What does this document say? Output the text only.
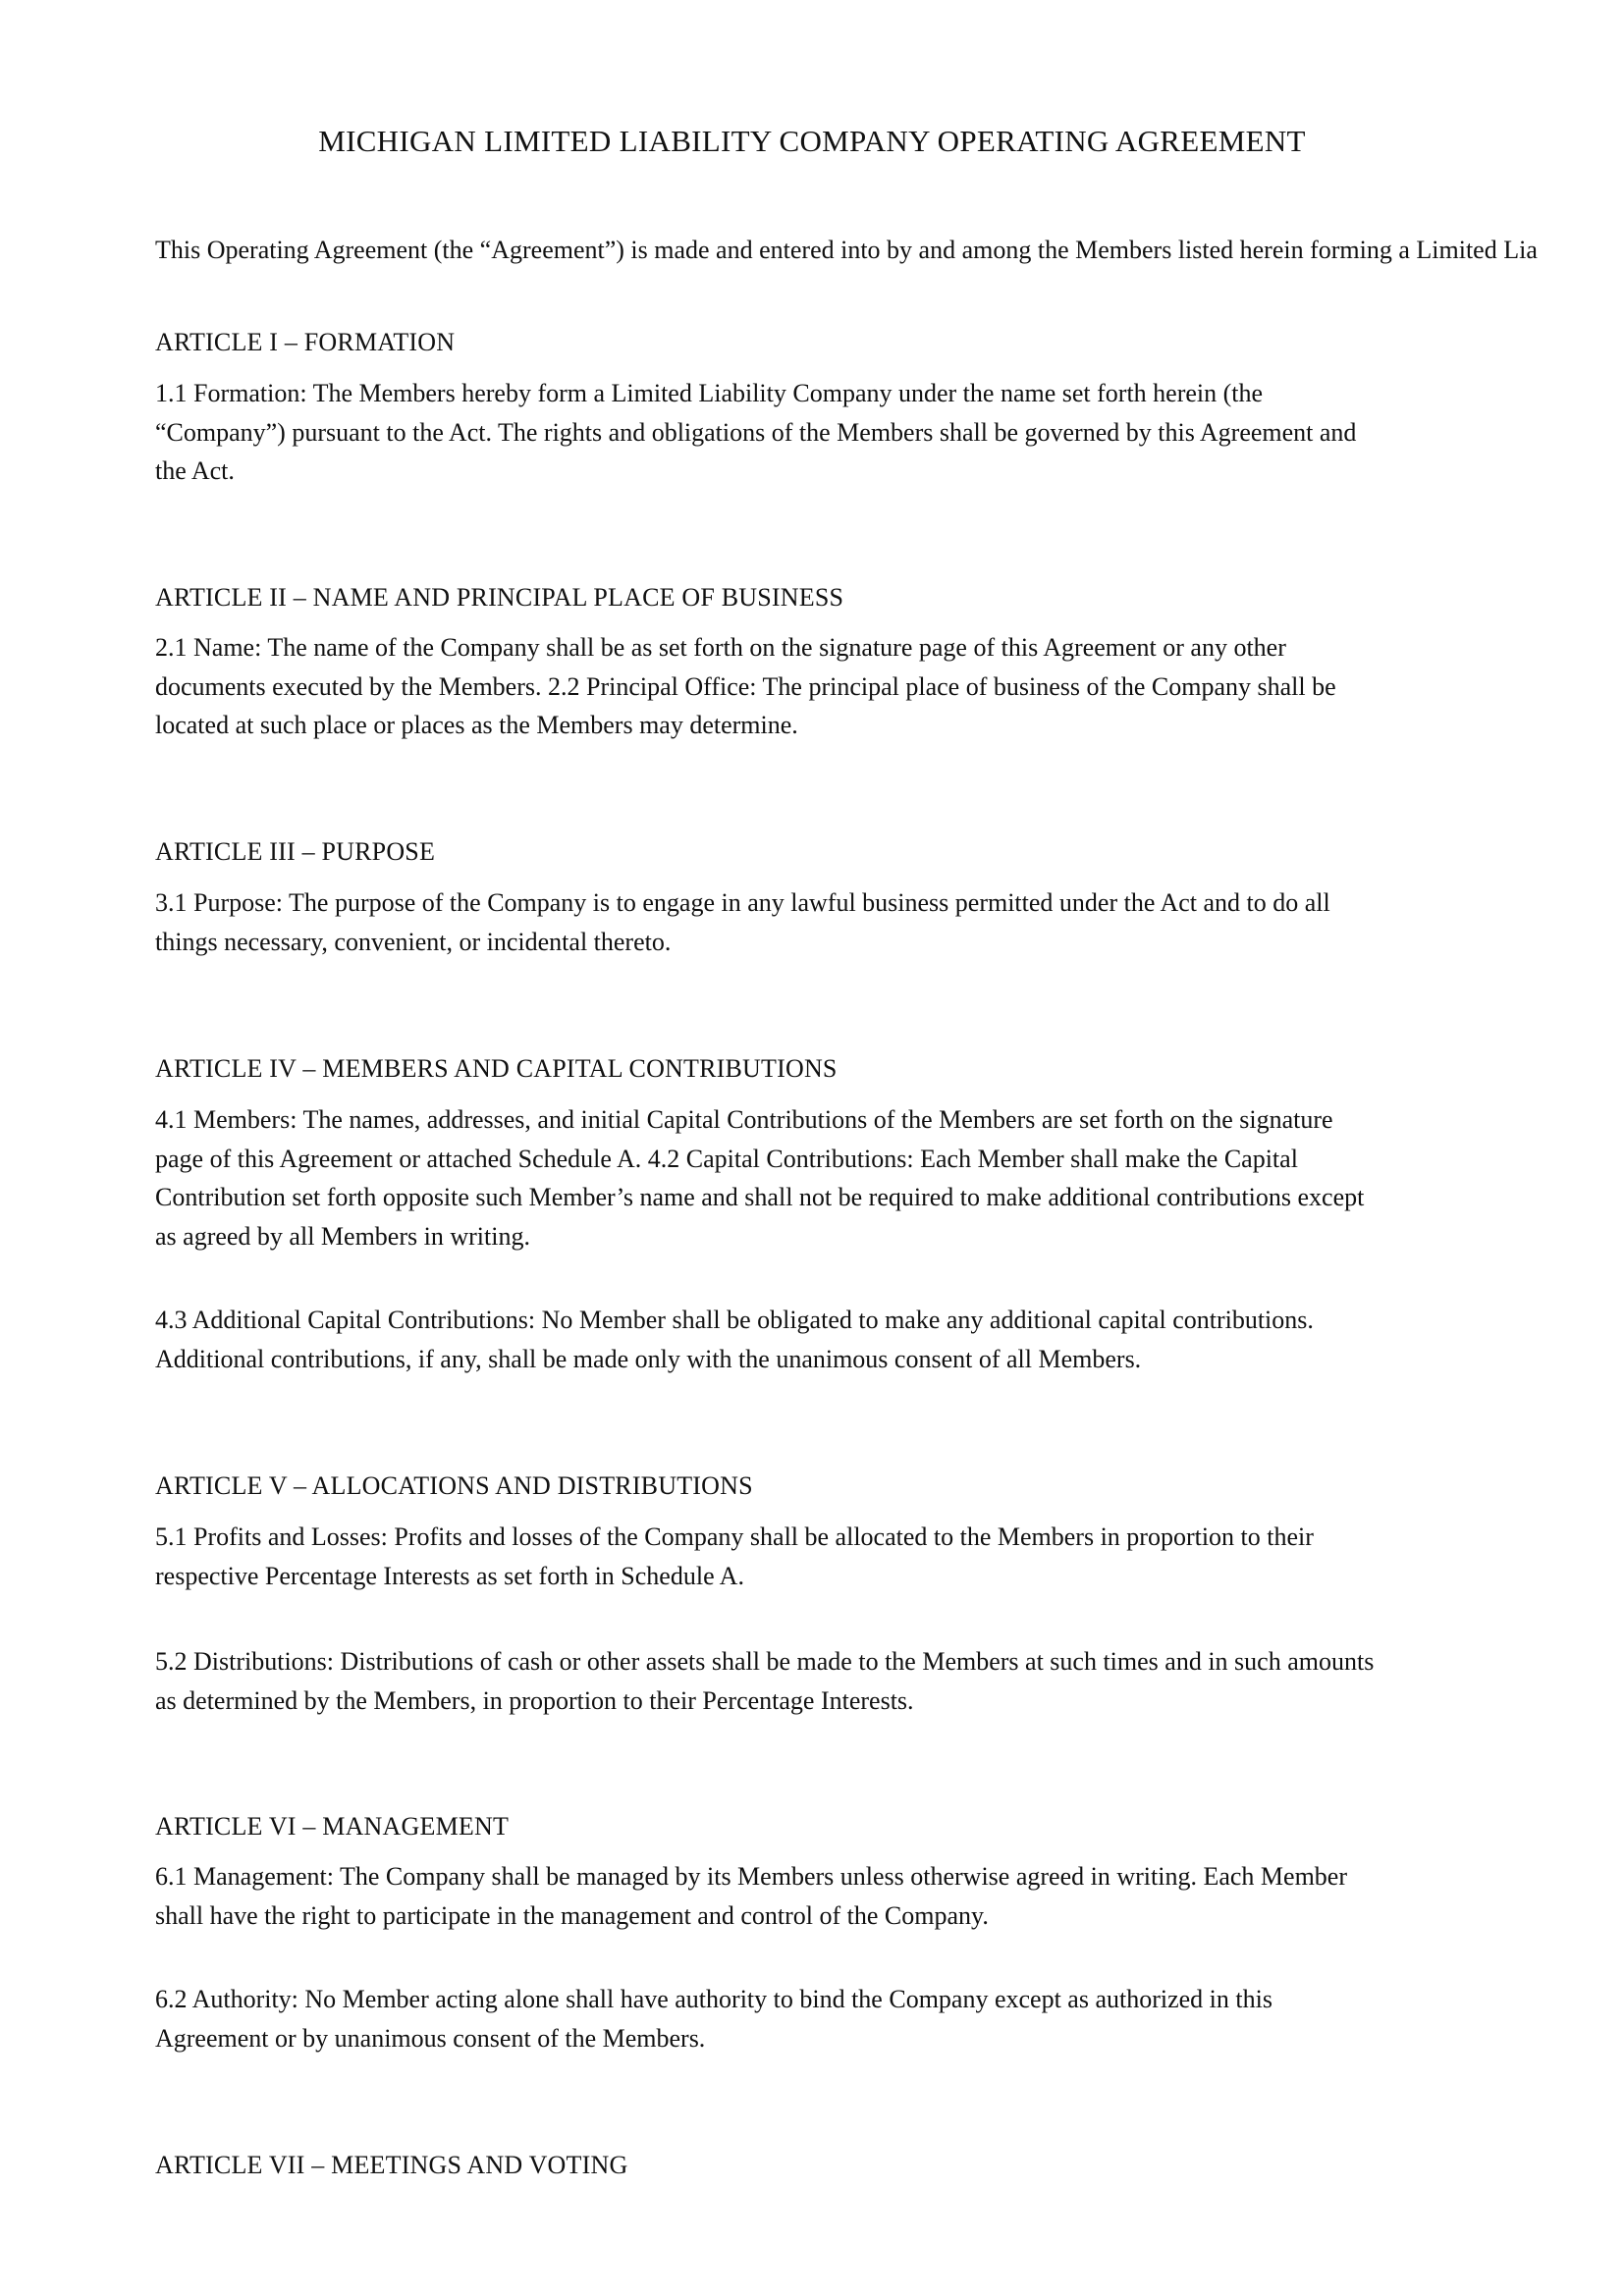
MICHIGAN LIMITED LIABILITY COMPANY OPERATING AGREEMENT
This Operating Agreement (the “Agreement”) is made and entered into by and among the Members listed herein forming a Limited Lia
ARTICLE I – FORMATION
1.1 Formation: The Members hereby form a Limited Liability Company under the name set forth herein (the
“Company”) pursuant to the Act. The rights and obligations of the Members shall be governed by this Agreement and
the Act.
ARTICLE II – NAME AND PRINCIPAL PLACE OF BUSINESS
2.1 Name: The name of the Company shall be as set forth on the signature page of this Agreement or any other
documents executed by the Members. 2.2 Principal Office: The principal place of business of the Company shall be
located at such place or places as the Members may determine.
ARTICLE III – PURPOSE
3.1 Purpose: The purpose of the Company is to engage in any lawful business permitted under the Act and to do all
things necessary, convenient, or incidental thereto.
ARTICLE IV – MEMBERS AND CAPITAL CONTRIBUTIONS
4.1 Members: The names, addresses, and initial Capital Contributions of the Members are set forth on the signature
page of this Agreement or attached Schedule A. 4.2 Capital Contributions: Each Member shall make the Capital
Contribution set forth opposite such Member’s name and shall not be required to make additional contributions except
as agreed by all Members in writing.
4.3 Additional Capital Contributions: No Member shall be obligated to make any additional capital contributions.
Additional contributions, if any, shall be made only with the unanimous consent of all Members.
ARTICLE V – ALLOCATIONS AND DISTRIBUTIONS
5.1 Profits and Losses: Profits and losses of the Company shall be allocated to the Members in proportion to their
respective Percentage Interests as set forth in Schedule A.
5.2 Distributions: Distributions of cash or other assets shall be made to the Members at such times and in such amounts
as determined by the Members, in proportion to their Percentage Interests.
ARTICLE VI – MANAGEMENT
6.1 Management: The Company shall be managed by its Members unless otherwise agreed in writing. Each Member
shall have the right to participate in the management and control of the Company.
6.2 Authority: No Member acting alone shall have authority to bind the Company except as authorized in this
Agreement or by unanimous consent of the Members.
ARTICLE VII – MEETINGS AND VOTING
